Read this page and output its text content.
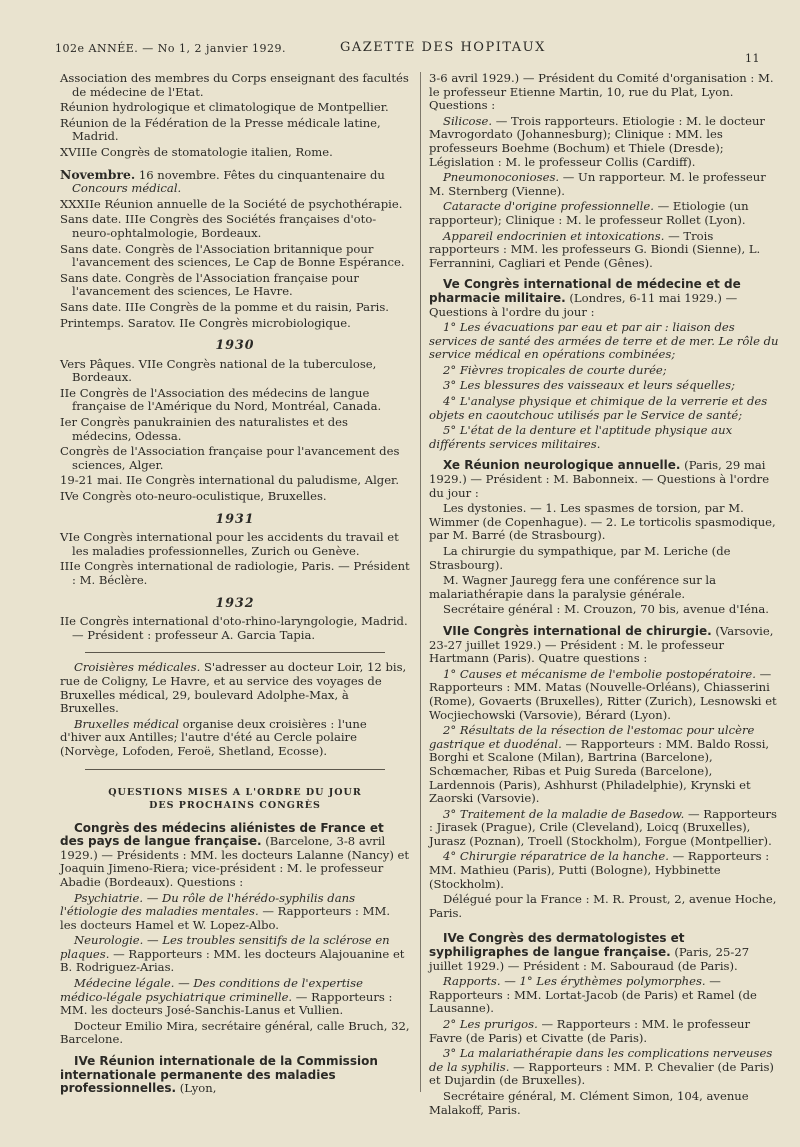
102e ANNÉE. — No 1, 2 janvier 1929.	GAZETTE DES HOPITAUX
11

Association des membres du Corps enseignant des facultés de médecine de l'Etat.

Réunion hydrologique et climatologique de Montpellier.

Réunion de la Fédération de la Presse médicale latine, Madrid.

XVIIIe Congrès de stomatologie italien, Rome.

Novembre. 16 novembre. Fêtes du cinquantenaire du Concours médical.

XXXIIe Réunion annuelle de la Société de psychothérapie.

Sans date. IIIe Congrès des Sociétés françaises d'oto-neuro-ophtalmologie, Bordeaux.

Sans date. Congrès de l'Association britannique pour l'avancement des sciences, Le Cap de Bonne Espérance.

Sans date. Congrès de l'Association française pour l'avancement des sciences, Le Havre.

Sans date. IIIe Congrès de la pomme et du raisin, Paris.

Printemps. Saratov. IIe Congrès microbiologique.

1930

Vers Pâques. VIIe Congrès national de la tuberculose, Bordeaux.

IIe Congrès de l'Association des médecins de langue française de l'Amérique du Nord, Montréal, Canada.

Ier Congrès panukrainien des naturalistes et des médecins, Odessa.

Congrès de l'Association française pour l'avancement des sciences, Alger.

19-21 mai. IIe Congrès international du paludisme, Alger.

IVe Congrès oto-neuro-oculistique, Bruxelles.

1931

VIe Congrès international pour les accidents du travail et les maladies professionnelles, Zurich ou Genève.

IIIe Congrès international de radiologie, Paris. — Président : M. Béclère.

1932

IIe Congrès international d'oto-rhino-laryngologie, Madrid. — Président : professeur A. Garcia Tapia.

Croisières médicales. S'adresser au docteur Loir, 12 bis, rue de Coligny, Le Havre, et au service des voyages de Bruxelles médical, 29, boulevard Adolphe-Max, à Bruxelles.

Bruxelles médical organise deux croisières : l'une d'hiver aux Antilles; l'autre d'été au Cercle polaire (Norvège, Lofoden, Feroë, Shetland, Ecosse).

QUESTIONS MISES A L'ORDRE DU JOUR
DES PROCHAINS CONGRÈS

Congrès des médecins aliénistes de France et des pays de langue française. (Barcelone, 3-8 avril 1929.) — Présidents : MM. les docteurs Lalanne (Nancy) et Joaquin Jimeno-Riera; vice-président : M. le professeur Abadie (Bordeaux). Questions :

Psychiatrie. — Du rôle de l'hérédo-syphilis dans l'étiologie des maladies mentales. — Rapporteurs : MM. les docteurs Hamel et W. Lopez-Albo.

Neurologie. — Les troubles sensitifs de la sclérose en plaques. — Rapporteurs : MM. les docteurs Alajouanine et B. Rodriguez-Arias.

Médecine légale. — Des conditions de l'expertise médico-légale psychiatrique criminelle. — Rapporteurs : MM. les docteurs José-Sanchis-Lanus et Vullien.

Docteur Emilio Mira, secrétaire général, calle Bruch, 32, Barcelone.

IVe Réunion internationale de la Commission internationale permanente des maladies professionnelles. (Lyon,

3-6 avril 1929.) — Président du Comité d'organisation : M. le professeur Etienne Martin, 10, rue du Plat, Lyon. Questions :

Silicose. — Trois rapporteurs. Etiologie : M. le docteur Mavrogordato (Johannesburg); Clinique : MM. les professeurs Boehme (Bochum) et Thiele (Dresde); Législation : M. le professeur Collis (Cardiff).

Pneumonoconioses. — Un rapporteur. M. le professeur M. Sternberg (Vienne).

Cataracte d'origine professionnelle. — Etiologie (un rapporteur); Clinique : M. le professeur Rollet (Lyon).

Appareil endocrinien et intoxications. — Trois rapporteurs : MM. les professeurs G. Biondi (Sienne), L. Ferrannini, Cagliari et Pende (Gênes).

Ve Congrès international de médecine et de pharmacie militaire. (Londres, 6-11 mai 1929.) — Questions à l'ordre du jour :

1° Les évacuations par eau et par air : liaison des services de santé des armées de terre et de mer. Le rôle du service médical en opérations combinées;

2° Fièvres tropicales de courte durée;

3° Les blessures des vaisseaux et leurs séquelles;

4° L'analyse physique et chimique de la verrerie et des objets en caoutchouc utilisés par le Service de santé;

5° L'état de la denture et l'aptitude physique aux différents services militaires.

Xe Réunion neurologique annuelle. (Paris, 29 mai 1929.) — Président : M. Babonneix. — Questions à l'ordre du jour :

Les dystonies. — 1. Les spasmes de torsion, par M. Wimmer (de Copenhague). — 2. Le torticolis spasmodique, par M. Barré (de Strasbourg).

La chirurgie du sympathique, par M. Leriche (de Strasbourg).

M. Wagner Jauregg fera une conférence sur la malariathérapie dans la paralysie générale.

Secrétaire général : M. Crouzon, 70 bis, avenue d'Iéna.

VIIe Congrès international de chirurgie. (Varsovie, 23-27 juillet 1929.) — Président : M. le professeur Hartmann (Paris). Quatre questions :

1° Causes et mécanisme de l'embolie postopératoire. — Rapporteurs : MM. Matas (Nouvelle-Orléans), Chiasserini (Rome), Govaerts (Bruxelles), Ritter (Zurich), Lesnowski et Wocjiechowski (Varsovie), Bérard (Lyon).

2° Résultats de la résection de l'estomac pour ulcère gastrique et duodénal. — Rapporteurs : MM. Baldo Rossi, Borghi et Scalone (Milan), Bartrina (Barcelone), Schœmacher, Ribas et Puig Sureda (Barcelone), Lardennois (Paris), Ashhurst (Philadelphie), Krynski et Zaorski (Varsovie).

3° Traitement de la maladie de Basedow. — Rapporteurs : Jirasek (Prague), Crile (Cleveland), Loicq (Bruxelles), Jurasz (Poznan), Troell (Stockholm), Forgue (Montpellier).

4° Chirurgie réparatrice de la hanche. — Rapporteurs : MM. Mathieu (Paris), Putti (Bologne), Hybbinette (Stockholm).

Délégué pour la France : M. R. Proust, 2, avenue Hoche, Paris.

IVe Congrès des dermatologistes et syphiligraphes de langue française. (Paris, 25-27 juillet 1929.) — Président : M. Sabouraud (de Paris).

Rapports. — 1° Les érythèmes polymorphes. — Rapporteurs : MM. Lortat-Jacob (de Paris) et Ramel (de Lausanne).

2° Les prurigos. — Rapporteurs : MM. le professeur Favre (de Paris) et Civatte (de Paris).

3° La malariathérapie dans les complications nerveuses de la syphilis. — Rapporteurs : MM. P. Chevalier (de Paris) et Dujardin (de Bruxelles).

Secrétaire général, M. Clément Simon, 104, avenue Malakoff, Paris.
